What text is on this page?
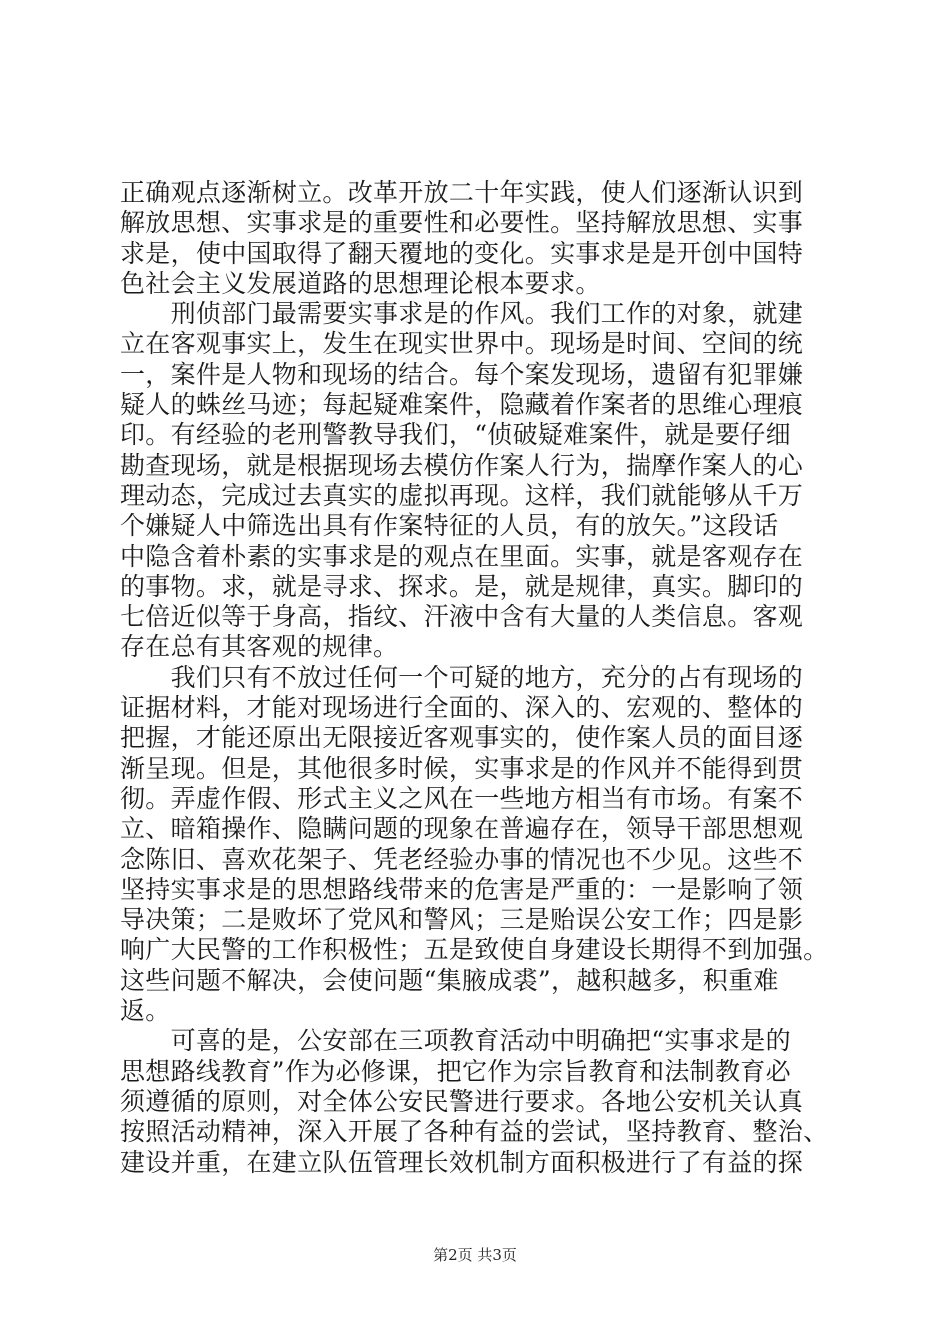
正确观点逐渐树立。改革开放二十年实践，使人们逐渐认识到
解放思想、实事求是的重要性和必要性。坚持解放思想、实事
求是，使中国取得了翻天覆地的变化。实事求是是开创中国特
色社会主义发展道路的思想理论根本要求。
　　刑侦部门最需要实事求是的作风。我们工作的对象，就建
立在客观事实上，发生在现实世界中。现场是时间、空间的统
一，案件是人物和现场的结合。每个案发现场，遗留有犯罪嫌
疑人的蛛丝马迹；每起疑难案件，隐藏着作案者的思维心理痕
印。有经验的老刑警教导我们，“侦破疑难案件，就是要仔细
勘查现场，就是根据现场去模仿作案人行为，揣摩作案人的心
理动态，完成过去真实的虚拟再现。这样，我们就能够从千万
个嫌疑人中筛选出具有作案特征的人员，有的放矢。”这段话
中隐含着朴素的实事求是的观点在里面。实事，就是客观存在
的事物。求，就是寻求、探求。是，就是规律，真实。脚印的
七倍近似等于身高，指纹、汗液中含有大量的人类信息。客观
存在总有其客观的规律。
　　我们只有不放过任何一个可疑的地方，充分的占有现场的
证据材料，才能对现场进行全面的、深入的、宏观的、整体的
把握，才能还原出无限接近客观事实的，使作案人员的面目逐
渐呈现。但是，其他很多时候，实事求是的作风并不能得到贯
彻。弄虚作假、形式主义之风在一些地方相当有市场。有案不
立、暗箱操作、隐瞒问题的现象在普遍存在，领导干部思想观
念陈旧、喜欢花架子、凭老经验办事的情况也不少见。这些不
坚持实事求是的思想路线带来的危害是严重的：一是影响了领
导决策；二是败坏了党风和警风；三是贻误公安工作；四是影
响广大民警的工作积极性；五是致使自身建设长期得不到加强。
这些问题不解决，会使问题“集腋成裘”，越积越多，积重难
返。
　　可喜的是，公安部在三项教育活动中明确把“实事求是的
思想路线教育”作为必修课，把它作为宗旨教育和法制教育必
须遵循的原则，对全体公安民警进行要求。各地公安机关认真
按照活动精神，深入开展了各种有益的尝试，坚持教育、整治、
建设并重，在建立队伍管理长效机制方面积极进行了有益的探
第2页 共3页
